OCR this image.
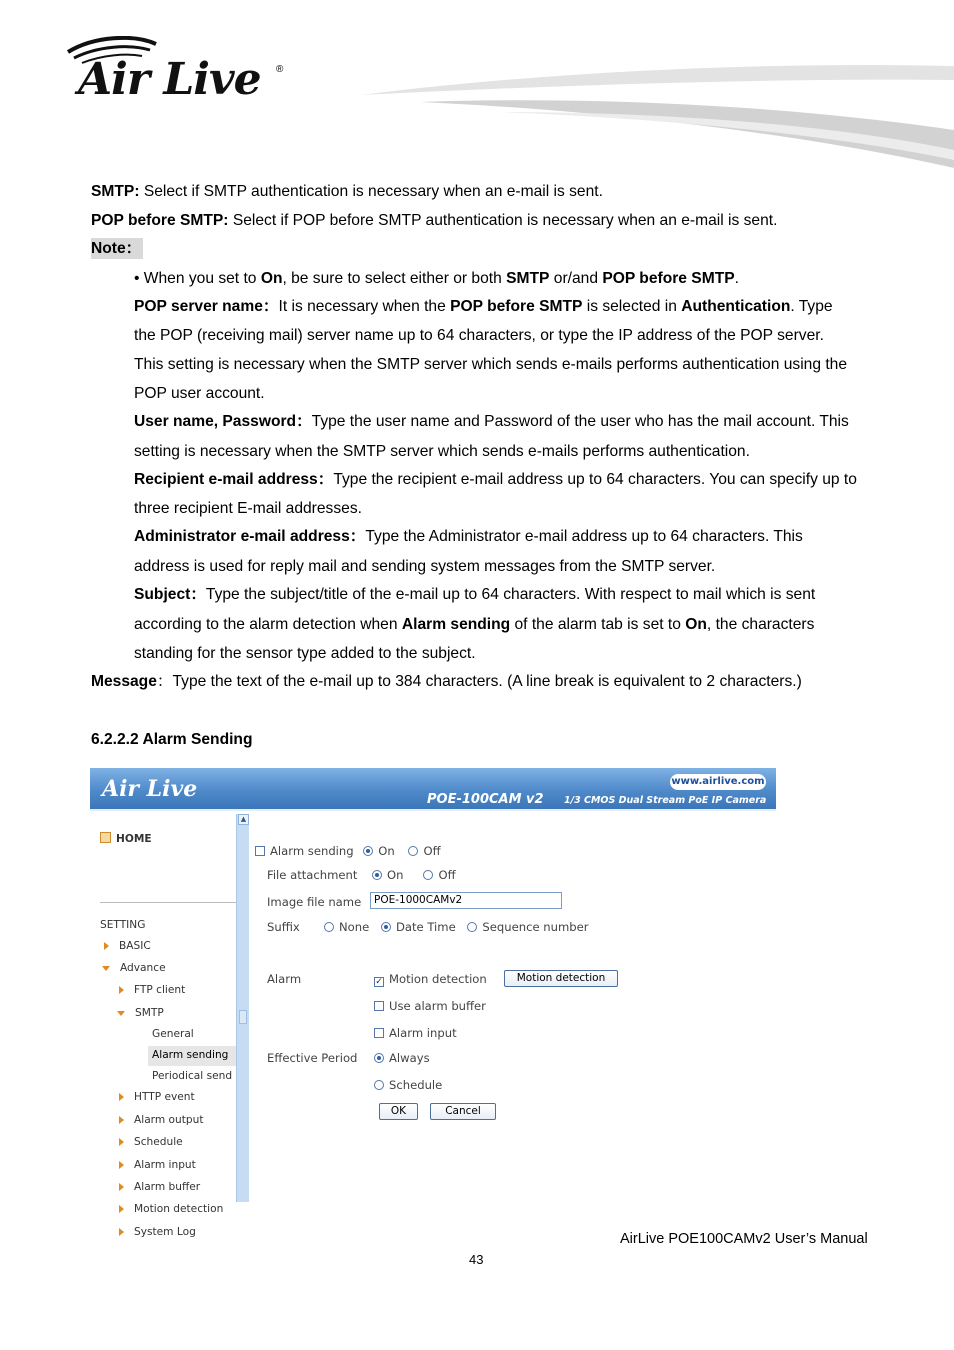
Air Live ®
SMTP: Select if SMTP authentication is necessary when an e-mail is sent.
POP before SMTP: Select if POP before SMTP authentication is necessary when an e-mail is sent.
Note：
• When you set to On, be sure to select either or both SMTP or/and POP before SMTP.
POP server name：It is necessary when the POP before SMTP is selected in Authentication. Type
the POP (receiving mail) server name up to 64 characters, or type the IP address of the POP server.
This setting is necessary when the SMTP server which sends e-mails performs authentication using the
POP user account.
User name, Password：Type the user name and Password of the user who has the mail account. This
setting is necessary when the SMTP server which sends e-mails performs authentication.
Recipient e-mail address：Type the recipient e-mail address up to 64 characters. You can specify up to
three recipient E-mail addresses.
Administrator e-mail address：Type the Administrator e-mail address up to 64 characters. This
address is used for reply mail and sending system messages from the SMTP server.
Subject：Type the subject/title of the e-mail up to 64 characters. With respect to mail which is sent
according to the alarm detection when Alarm sending of the alarm tab is set to On, the characters
standing for the sensor type added to the subject.
Message：Type the text of the e-mail up to 384 characters. (A line break is equivalent to 2 characters.)
6.2.2.2 Alarm Sending
Air Live	POE-100CAM v2 1/3 CMOS Dual Stream PoE IP Camera
www.airlive.com
HOME
SETTING
BASIC
Advance
FTP client
SMTP
General
Alarm sending
Periodical send
HTTP event
Alarm output
Schedule
Alarm input
Alarm buffer
Motion detection
System Log
▲
Alarm sending On Off
File attachment	On	Off
Image file name	POE-1000CAMv2
Suffix	None Date Time Sequence number
Alarm	✓ Motion detection	Motion detection
Use alarm buffer
Alarm input
Effective Period	Always
Schedule
OK	Cancel
AirLive POE100CAMv2 User’s Manual
43
